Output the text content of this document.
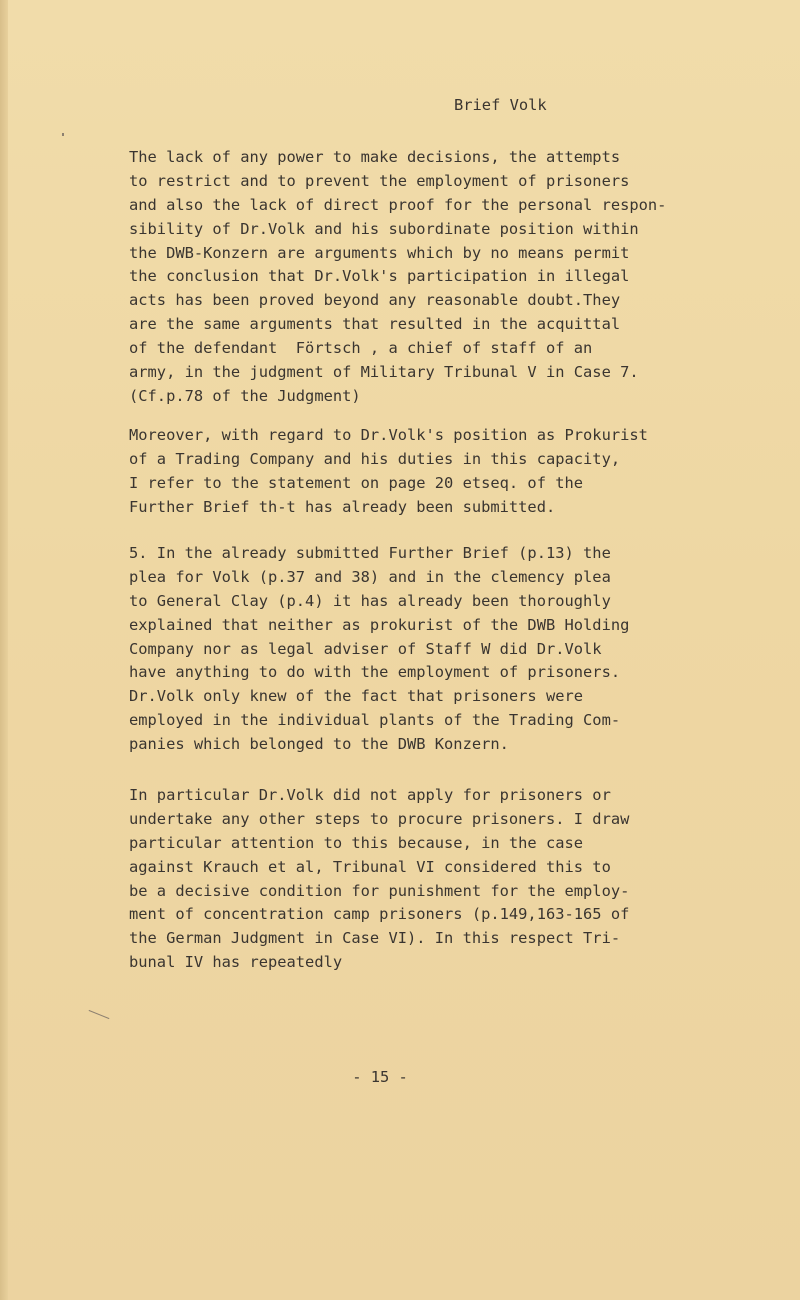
Brief Volk
The lack of any power to make decisions, the attempts
to restrict and to prevent the employment of prisoners
and also the lack of direct proof for the personal respon-
sibility of Dr.Volk and his subordinate position within
the DWB-Konzern are arguments which by no means permit
the conclusion that Dr.Volk's participation in illegal
acts has been proved beyond any reasonable doubt.They
are the same arguments that resulted in the acquittal
of the defendant  Förtsch , a chief of staff of an
army, in the judgment of Military Tribunal V in Case 7.
(Cf.p.78 of the Judgment)
Moreover, with regard to Dr.Volk's position as Prokurist
of a Trading Company and his duties in this capacity,
I refer to the statement on page 20 etseq. of the
Further Brief th-t has already been submitted.
5. In the already submitted Further Brief (p.13) the
plea for Volk (p.37 and 38) and in the clemency plea
to General Clay (p.4) it has already been thoroughly
explained that neither as prokurist of the DWB Holding
Company nor as legal adviser of Staff W did Dr.Volk
have anything to do with the employment of prisoners.
Dr.Volk only knew of the fact that prisoners were
employed in the individual plants of the Trading Com-
panies which belonged to the DWB Konzern.
In particular Dr.Volk did not apply for prisoners or
undertake any other steps to procure prisoners. I draw
particular attention to this because, in the case
against Krauch et al, Tribunal VI considered this to
be a decisive condition for punishment for the employ-
ment of concentration camp prisoners (p.149,163-165 of
the German Judgment in Case VI). In this respect Tri-
bunal IV has repeatedly

- 15 -
